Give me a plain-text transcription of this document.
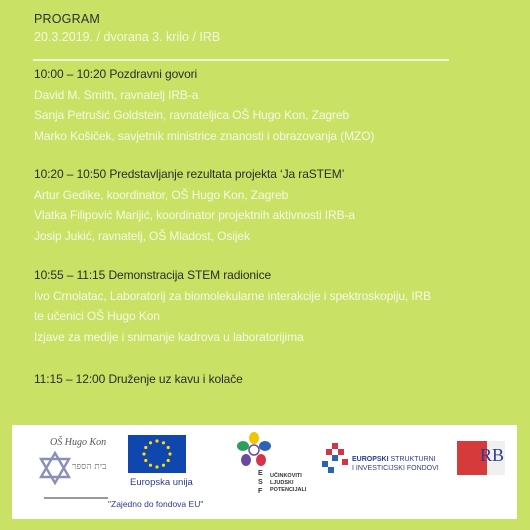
PROGRAM
20.3.2019. / dvorana 3. krilo / IRB
10:00 – 10:20 Pozdravni govori
David M. Smith, ravnatelj IRB-a
Sanja Petrušić Goldstein, ravnateljica OŠ Hugo Kon, Zagreb
Marko Košiček, savjetnik ministrice znanosti i obrazovanja (MZO)
10:20 – 10:50 Predstavljanje rezultata projekta ‘Ja raSTEM’
Artur Gedike, koordinator, OŠ Hugo Kon, Zagreb
Vlatka Filipović Marijić, koordinator projektnih aktivnosti IRB-a
Josip Jukić, ravnatelj, OŠ Mladost, Osijek
10:55 – 11:15 Demonstracija STEM radionice
Ivo Crnolatac, Laboratorij za biomolekularne interakcije i spektroskopiju, IRB
te učenici OŠ Hugo Kon
Izjave za medije i snimanje kadrova u laboratorijima
11:15 – 12:00 Druženje uz kavu i kolače
OŠ Hugo Kon
בית הספר
Europska unija
"Zajedno do fondova EU"
ESF
UČINKOVITI
LJUDSKI
POTENCIJALI
EUROPSKI STRUKTURNI
I INVESTICIJSKI FONDOVI
RB
